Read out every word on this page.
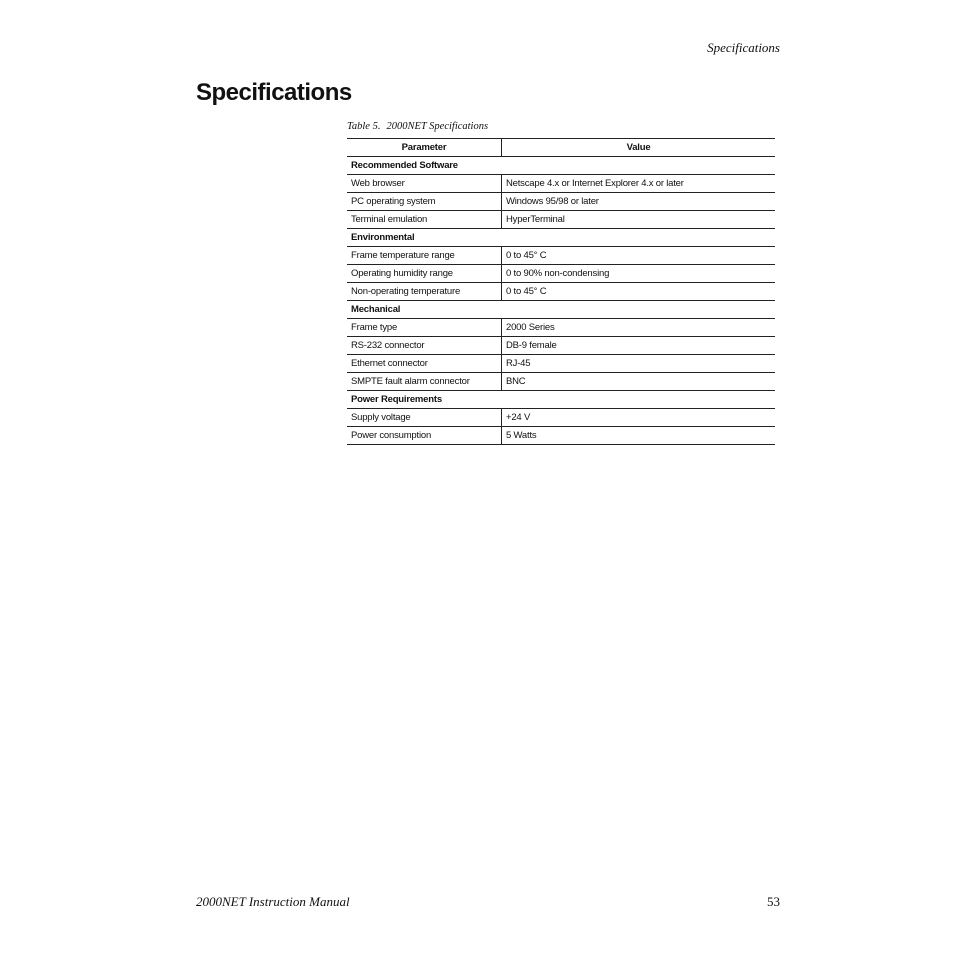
Specifications
Specifications
Table 5. 2000NET Specifications
Parameter	Value
Recommended Software	
Web browser	Netscape 4.x or Internet Explorer 4.x or later
PC operating system	Windows 95/98 or later
Terminal emulation	HyperTerminal
Environmental	
Frame temperature range	0 to 45° C
Operating humidity range	0 to 90% non-condensing
Non-operating temperature	0 to 45° C
Mechanical	
Frame type	2000 Series
RS-232 connector	DB-9 female
Ethernet connector	RJ-45
SMPTE fault alarm connector	BNC
Power Requirements	
Supply voltage	+24 V
Power consumption	5 Watts
2000NET Instruction Manual	53
